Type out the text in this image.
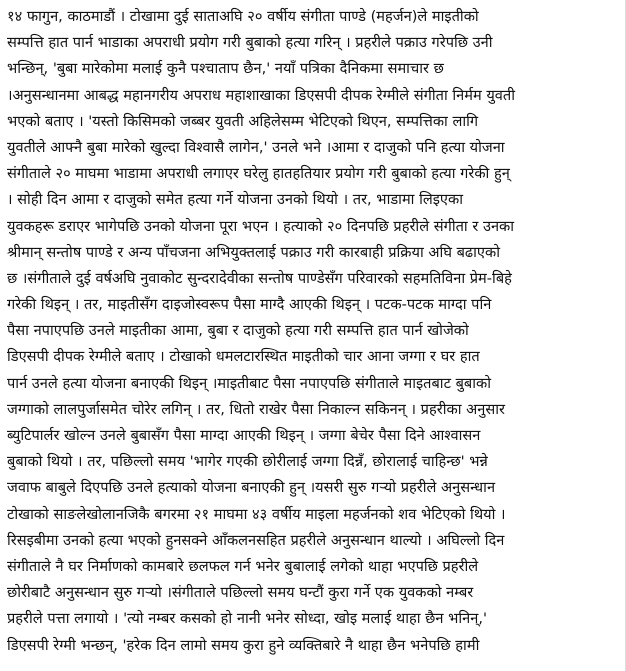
१४ फागुन, काठमाडौं । टोखामा दुई साताअघि २० वर्षीय संगीता पाण्डे (महर्जन)ले माइतीको
सम्पत्ति हात पार्न भाडाका अपराधी प्रयोग गरी बुबाको हत्या गरिन् । प्रहरीले पक्राउ गरेपछि उनी
भन्छिन्, 'बुबा मारेकोमा मलाई कुनै पश्चाताप छैन,' नयाँ पत्रिका दैनिकमा समाचार छ
।अनुसन्धानमा आबद्ध महानगरीय अपराध महाशाखाका डिएसपी दीपक रेग्मीले संगीता निर्मम युवती
भएको बताए । 'यस्तो किसिमको जब्बर युवती अहिलेसम्म भेटिएको थिएन, सम्पत्तिका लागि
युवतीले आफ्नै बुबा मारेको खुल्दा विश्वासै लागेन,' उनले भने ।आमा र दाजुको पनि हत्या योजना
संगीताले २० माघमा भाडामा अपराधी लगाएर घरेलु हातहतियार प्रयोग गरी बुबाको हत्या गरेकी हुन्
। सोही दिन आमा र दाजुको समेत हत्या गर्ने योजना उनको थियो । तर, भाडामा लिइएका
युवकहरू डराएर भागेपछि उनको योजना पूरा भएन । हत्याको २० दिनपछि प्रहरीले संगीता र उनका
श्रीमान् सन्तोष पाण्डे र अन्य पाँचजना अभियुक्तलाई पक्राउ गरी कारबाही प्रक्रिया अघि बढाएको
छ ।संगीताले दुई वर्षअघि नुवाकोट सुन्दरादेवीका सन्तोष पाण्डेसँग परिवारको सहमतिविना प्रेम-बिहे
गरेकी थिइन् । तर, माइतीसँग दाइजोस्वरूप पैसा माग्दै आएकी थिइन् । पटक-पटक माग्दा पनि
पैसा नपाएपछि उनले माइतीका आमा, बुबा र दाजुको हत्या गरी सम्पत्ति हात पार्न खोजेको
डिएसपी दीपक रेग्मीले बताए । टोखाको धमलटारस्थित माइतीको चार आना जग्गा र घर हात
पार्न उनले हत्या योजना बनाएकी थिइन् ।माइतीबाट पैसा नपाएपछि संगीताले माइतबाट बुबाको
जग्गाको लालपुर्जासमेत चोरेर लगिन् । तर, धितो राखेर पैसा निकाल्न सकिनन् । प्रहरीका अनुसार
ब्युटिपार्लर खोल्न उनले बुबासँग पैसा माग्दा आएकी थिइन् । जग्गा बेचेर पैसा दिने आश्वासन
बुबाको थियो । तर, पछिल्लो समय 'भागेर गएकी छोरीलाई जग्गा दिन्नँ, छोरालाई चाहिन्छ' भन्ने
जवाफ बाबुले दिएपछि उनले हत्याको योजना बनाएकी हुन् ।यसरी सुरु गर्‍यो प्रहरीले अनुसन्धान
टोखाको साङलेखोलानजिकै बगरमा २१ माघमा ४३ वर्षीय माइला महर्जनको शव भेटिएको थियो ।
रिसइबीमा उनको हत्या भएको हुनसक्ने आँकलनसहित प्रहरीले अनुसन्धान थाल्यो । अघिल्लो दिन
संगीताले नै घर निर्माणको कामबारे छलफल गर्न भनेर बुबालाई लगेको थाहा भएपछि प्रहरीले
छोरीबाटै अनुसन्धान सुरु गर्‍यो ।संगीताले पछिल्लो समय घन्टौं कुरा गर्ने एक युवकको नम्बर
प्रहरीले पत्ता लगायो । 'त्यो नम्बर कसको हो नानी भनेर सोध्दा, खोइ मलाई थाहा छैन भनिन्,'
डिएसपी रेग्मी भन्छन्, 'हरेक दिन लामो समय कुरा हुने व्यक्तिबारे नै थाहा छैन भनेपछि हामी
